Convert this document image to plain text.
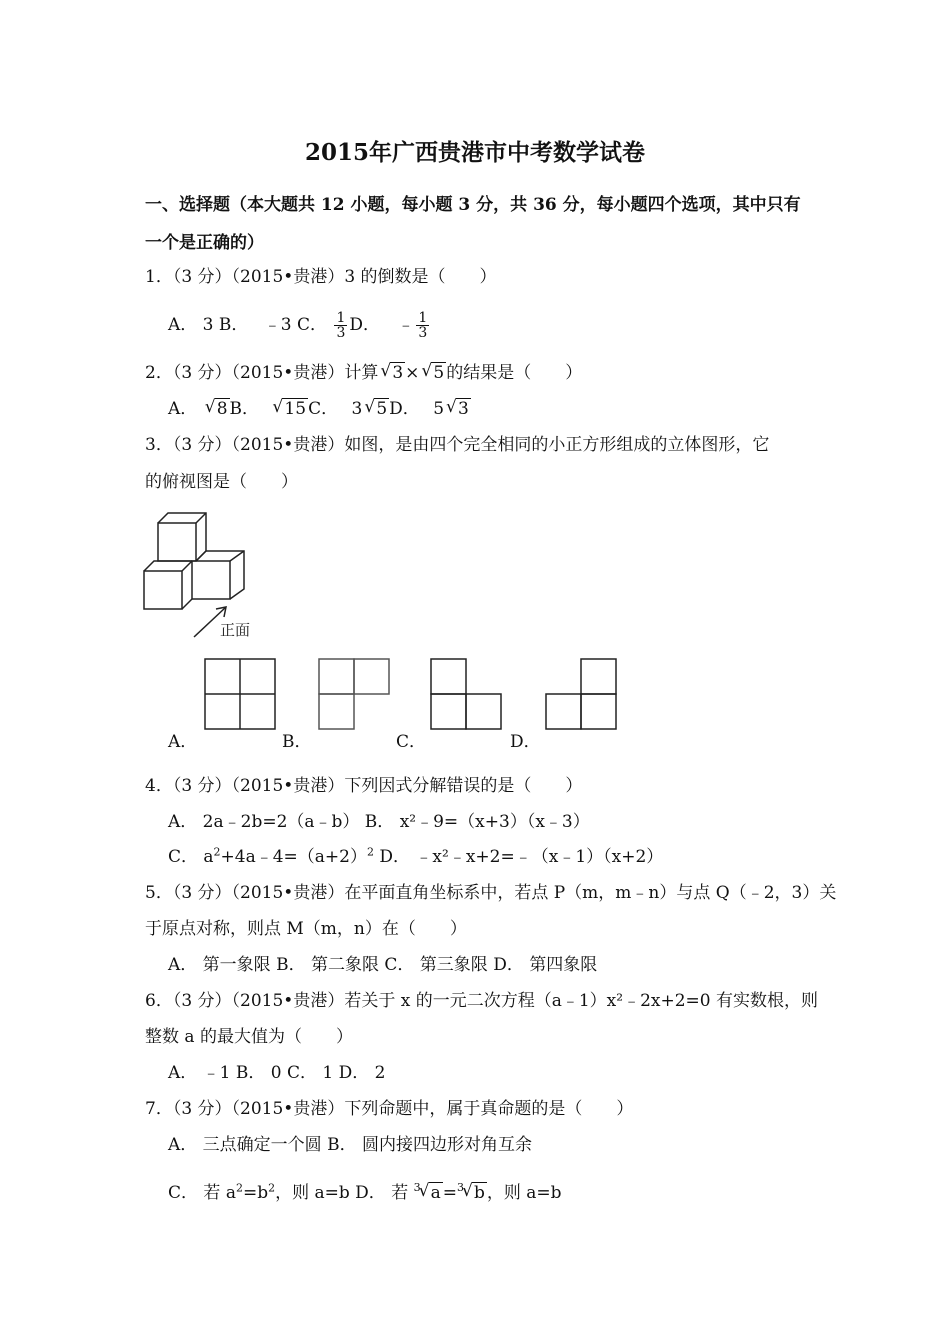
2015年广西贵港市中考数学试卷
一、选择题（本大题共 12 小题，每小题 3 分，共 36 分，每小题四个选项，其中只有
一个是正确的）
1．（3 分）（2015•贵港）3 的倒数是（　　）
A． 3 B． ﹣3 C． $\frac{1}{3}$ D． ﹣ $\frac{1}{3}$
2．（3 分）（2015•贵港）计算 √ 3 × √ 5 的结果是（　　）
A． √ 8 B． √ 15 C． 3 √ 5 D． 5 √ 3
3．（3 分）（2015•贵港）如图，是由四个完全相同的小正方形组成的立体图形，它
的俯视图是（　　）
正面
A．	B．	C．	D．
4．（3 分）（2015•贵港）下列因式分解错误的是（　　）
A． 2a﹣2b=2（a﹣b） B． x²﹣9=（x+3）（x﹣3）
C． $a^2+4a﹣4=(a+2)^2$ D． ﹣x²﹣x+2=﹣（x﹣1）（x+2）
5．（3 分）（2015•贵港）在平面直角坐标系中，若点 P（m，m﹣n）与点 Q（﹣2，3）关
于原点对称，则点 M（m，n）在（　　）
A． 第一象限 B． 第二象限 C． 第三象限 D． 第四象限
6．（3 分）（2015•贵港）若关于 x 的一元二次方程（a﹣1）x²﹣2x+2=0 有实数根，则
整数 a 的最大值为（　　）
A． ﹣1 B． 0 C． 1 D． 2
7．（3 分）（2015•贵港）下列命题中，属于真命题的是（　　）
A． 三点确定一个圆 B． 圆内接四边形对角互余
C． 若 $a^2=b^2$，则 a=b D． 若 $^3$ √ a =$^3$ √ b ，则 a=b
